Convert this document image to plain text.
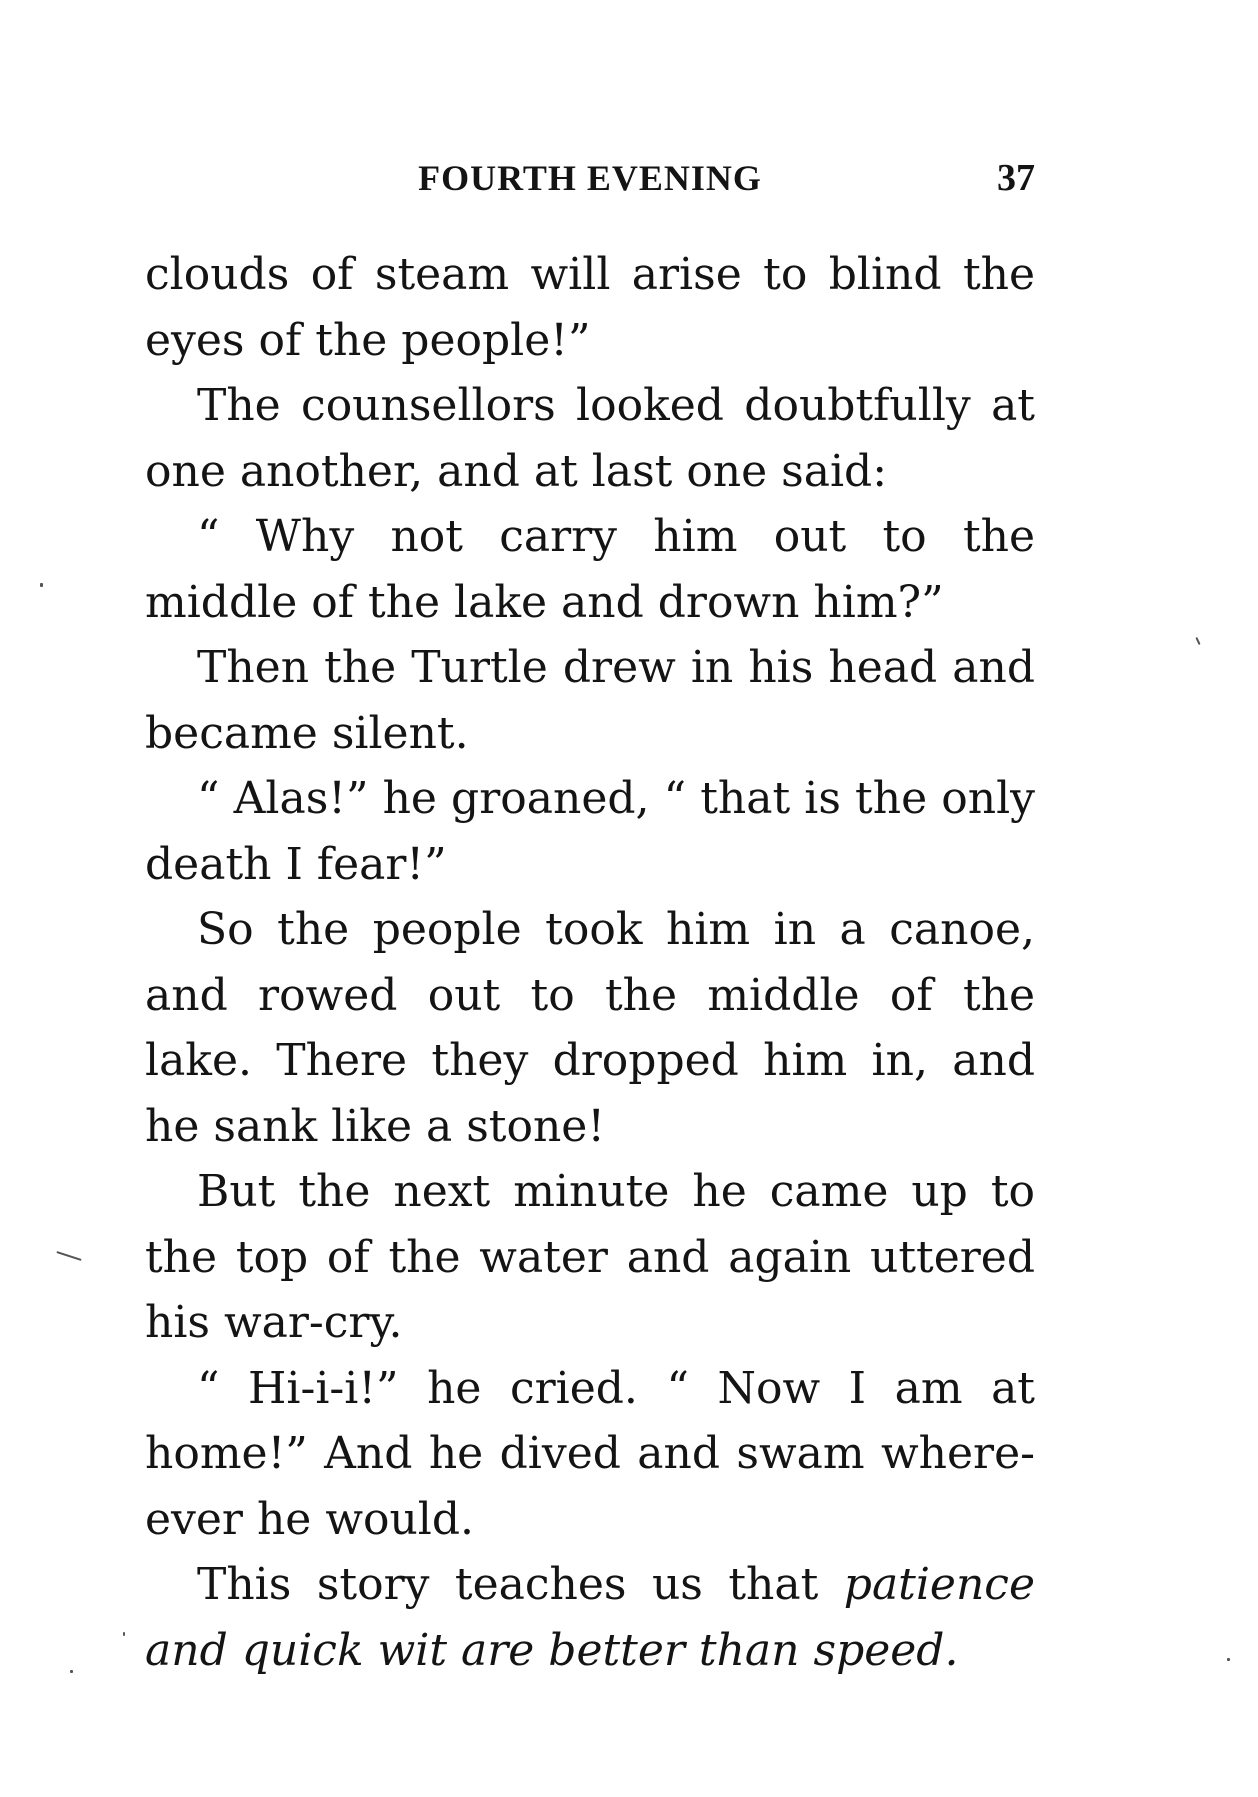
FOURTH EVENING	37

clouds of steam will arise to blind the eyes of the people!”

The counsellors looked doubtfully at one another, and at last one said:

“ Why not carry him out to the middle of the lake and drown him?”

Then the Turtle drew in his head and became silent.

“ Alas!” he groaned, “ that is the only death I fear!”

So the people took him in a canoe, and rowed out to the middle of the lake. There they dropped him in, and he sank like a stone!

But the next minute he came up to the top of the water and again uttered his war-cry.

“ Hi-i-i!” he cried. “ Now I am at home!” And he dived and swam whereever he would.

This story teaches us that patience and quick wit are better than speed.
